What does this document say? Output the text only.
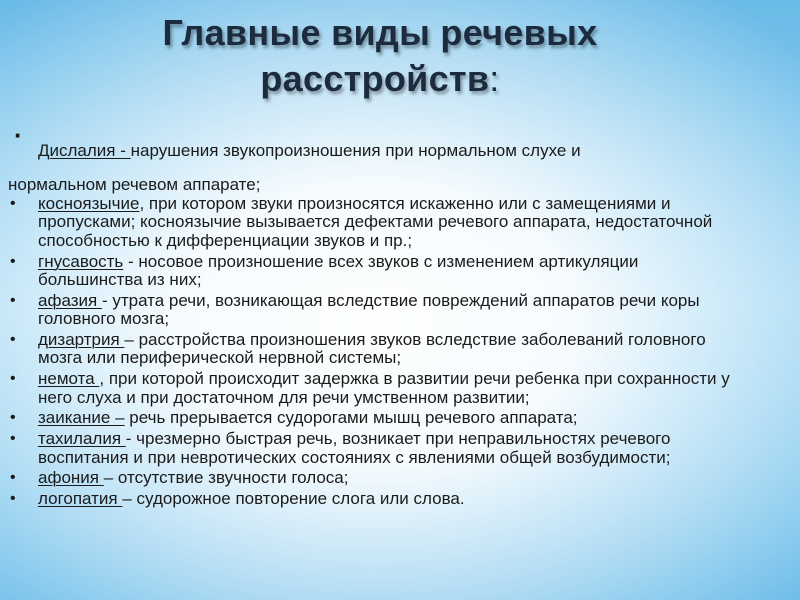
Главные виды речевых
расстройств:
·
Дислалия - нарушения звукопроизношения при нормальном слухе и
нормальном речевом аппарате;
• косноязычие, при котором звуки произносятся искаженно или с замещениями и пропусками; косноязычие вызывается дефектами речевого аппарата, недостаточной способностью к дифференциации звуков и пр.;
• гнусавость - носовое произношение всех звуков с изменением артикуляции большинства из них;
• афазия - утрата речи, возникающая вследствие повреждений аппаратов речи коры головного мозга;
• дизартрия – расстройства произношения звуков вследствие заболеваний головного мозга или периферической нервной системы;
• немота , при которой происходит задержка в развитии речи ребенка при сохранности у него слуха и при достаточном для речи умственном развитии;
• заикание – речь прерывается судорогами мышц речевого аппарата;
• тахилалия - чрезмерно быстрая речь, возникает при неправильностях речевого воспитания и при невротических состояниях с явлениями общей возбудимости;
• афония – отсутствие звучности голоса;
• логопатия – судорожное повторение слога или слова.
